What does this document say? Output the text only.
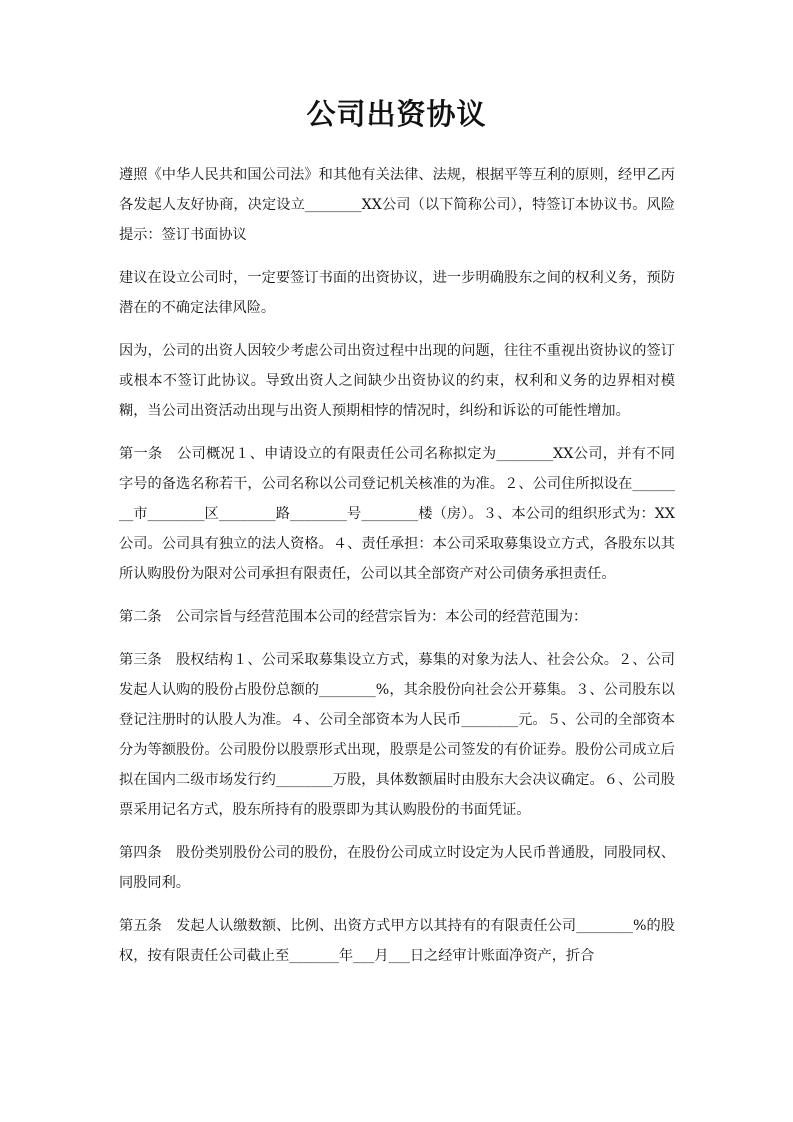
公司出资协议

遵照《中华人民共和国公司法》和其他有关法律、法规，根据平等互利的原则，经甲乙丙各发起人友好协商，决定设立________XX公司（以下简称公司），特签订本协议书。风险提示：签订书面协议

建议在设立公司时，一定要签订书面的出资协议，进一步明确股东之间的权利义务，预防潜在的不确定法律风险。

因为，公司的出资人因较少考虑公司出资过程中出现的问题，往往不重视出资协议的签订或根本不签订此协议。导致出资人之间缺少出资协议的约束，权利和义务的边界相对模糊，当公司出资活动出现与出资人预期相悖的情况时，纠纷和诉讼的可能性增加。

第一条　公司概况１、申请设立的有限责任公司名称拟定为________XX公司，并有不同字号的备选名称若干，公司名称以公司登记机关核准的为准。２、公司住所拟设在________市________区________路________号________楼（房）。３、本公司的组织形式为：XX公司。公司具有独立的法人资格。４、责任承担：本公司采取募集设立方式，各股东以其所认购股份为限对公司承担有限责任，公司以其全部资产对公司债务承担责任。

第二条　公司宗旨与经营范围本公司的经营宗旨为：本公司的经营范围为：

第三条　股权结构１、公司采取募集设立方式，募集的对象为法人、社会公众。２、公司发起人认购的股份占股份总额的________%，其余股份向社会公开募集。３、公司股东以登记注册时的认股人为准。４、公司全部资本为人民币________元。５、公司的全部资本分为等额股份。公司股份以股票形式出现，股票是公司签发的有价证券。股份公司成立后拟在国内二级市场发行约________万股，具体数额届时由股东大会决议确定。６、公司股票采用记名方式，股东所持有的股票即为其认购股份的书面凭证。

第四条　股份类别股份公司的股份，在股份公司成立时设定为人民币普通股，同股同权、同股同利。

第五条　发起人认缴数额、比例、出资方式甲方以其持有的有限责任公司________%的股权，按有限责任公司截止至_______年___月___日之经审计账面净资产，折合
